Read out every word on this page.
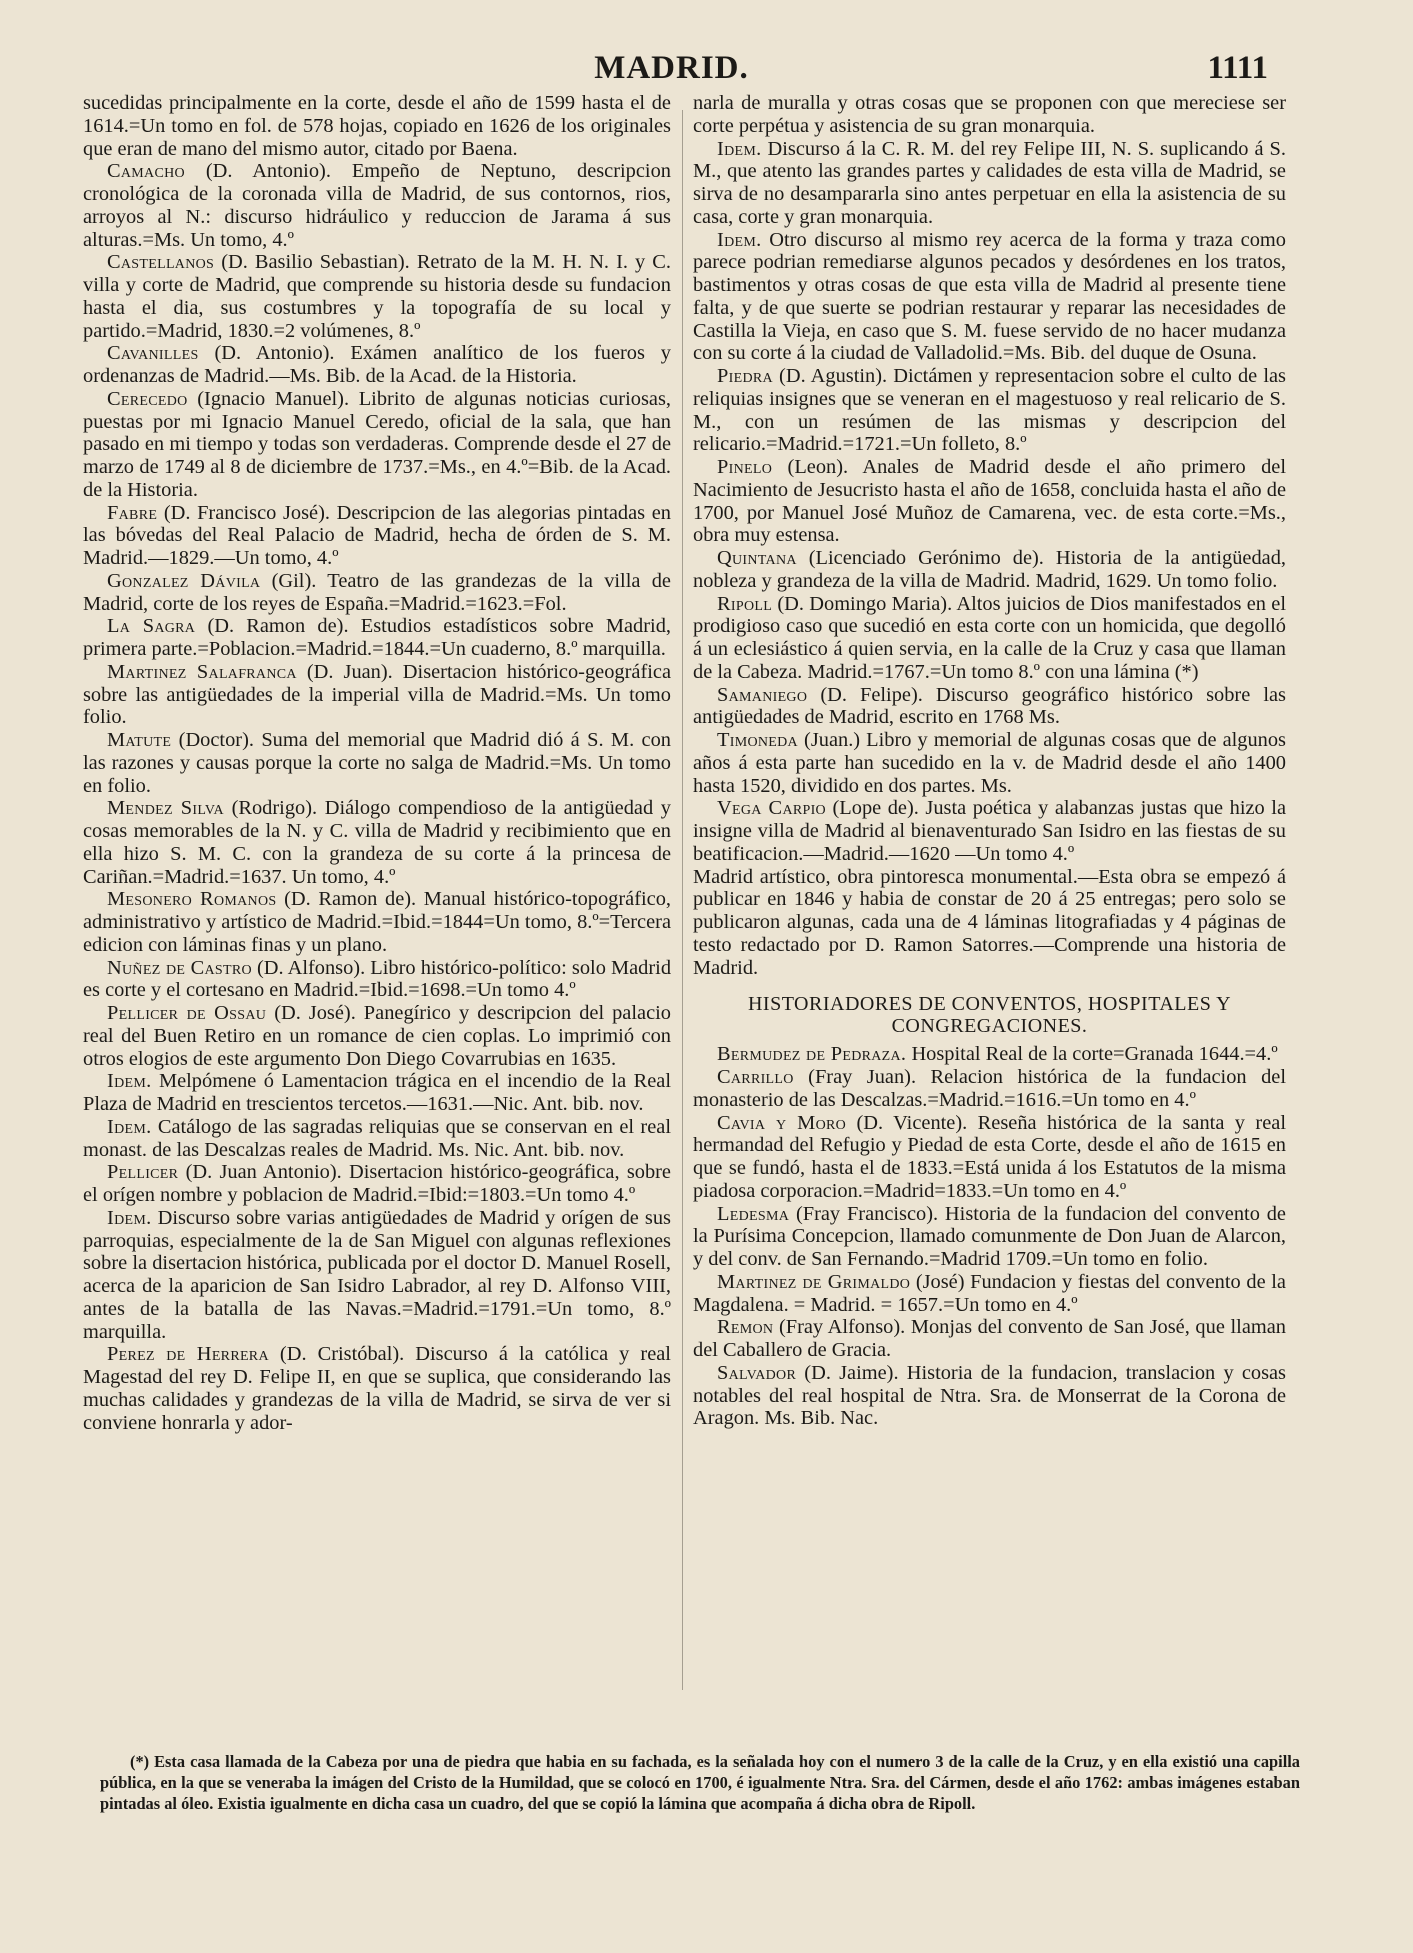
MADRID.	1111

sucedidas principalmente en la corte, desde el año de 1599 hasta el de 1614.=Un tomo en fol. de 578 hojas, copiado en 1626 de los originales que eran de mano del mismo autor, citado por Baena.

Camacho (D. Antonio). Empeño de Neptuno, descripcion cronológica de la coronada villa de Madrid, de sus contornos, rios, arroyos al N.: discurso hidráulico y reduccion de Jarama á sus alturas.=Ms. Un tomo, 4.º

Castellanos (D. Basilio Sebastian). Retrato de la M. H. N. I. y C. villa y corte de Madrid, que comprende su historia desde su fundacion hasta el dia, sus costumbres y la topografía de su local y partido.=Madrid, 1830.=2 volúmenes, 8.º

Cavanilles (D. Antonio). Exámen analítico de los fueros y ordenanzas de Madrid.—Ms. Bib. de la Acad. de la Historia.

Cerecedo (Ignacio Manuel). Librito de algunas noticias curiosas, puestas por mi Ignacio Manuel Ceredo, oficial de la sala, que han pasado en mi tiempo y todas son verdaderas. Comprende desde el 27 de marzo de 1749 al 8 de diciembre de 1737.=Ms., en 4.º=Bib. de la Acad. de la Historia.

Fabre (D. Francisco José). Descripcion de las alegorias pintadas en las bóvedas del Real Palacio de Madrid, hecha de órden de S. M. Madrid.—1829.—Un tomo, 4.º

Gonzalez Dávila (Gil). Teatro de las grandezas de la villa de Madrid, corte de los reyes de España.=Madrid.=1623.=Fol.

La Sagra (D. Ramon de). Estudios estadísticos sobre Madrid, primera parte.=Poblacion.=Madrid.=1844.=Un cuaderno, 8.º marquilla.

Martinez Salafranca (D. Juan). Disertacion histórico-geográfica sobre las antigüedades de la imperial villa de Madrid.=Ms. Un tomo folio.

Matute (Doctor). Suma del memorial que Madrid dió á S. M. con las razones y causas porque la corte no salga de Madrid.=Ms. Un tomo en folio.

Mendez Silva (Rodrigo). Diálogo compendioso de la antigüedad y cosas memorables de la N. y C. villa de Madrid y recibimiento que en ella hizo S. M. C. con la grandeza de su corte á la princesa de Cariñan.=Madrid.=1637. Un tomo, 4.º

Mesonero Romanos (D. Ramon de). Manual histórico-topográfico, administrativo y artístico de Madrid.=Ibid.=1844=Un tomo, 8.º=Tercera edicion con láminas finas y un plano.

Nuñez de Castro (D. Alfonso). Libro histórico-político: solo Madrid es corte y el cortesano en Madrid.=Ibid.=1698.=Un tomo 4.º

Pellicer de Ossau (D. José). Panegírico y descripcion del palacio real del Buen Retiro en un romance de cien coplas. Lo imprimió con otros elogios de este argumento Don Diego Covarrubias en 1635.

Idem. Melpómene ó Lamentacion trágica en el incendio de la Real Plaza de Madrid en trescientos tercetos.—1631.—Nic. Ant. bib. nov.

Idem. Catálogo de las sagradas reliquias que se conservan en el real monast. de las Descalzas reales de Madrid. Ms. Nic. Ant. bib. nov.

Pellicer (D. Juan Antonio). Disertacion histórico-geográfica, sobre el orígen nombre y poblacion de Madrid.=Ibid:=1803.=Un tomo 4.º

Idem. Discurso sobre varias antigüedades de Madrid y orígen de sus parroquias, especialmente de la de San Miguel con algunas reflexiones sobre la disertacion histórica, publicada por el doctor D. Manuel Rosell, acerca de la aparicion de San Isidro Labrador, al rey D. Alfonso VIII, antes de la batalla de las Navas.=Madrid.=1791.=Un tomo, 8.º marquilla.

Perez de Herrera (D. Cristóbal). Discurso á la católica y real Magestad del rey D. Felipe II, en que se suplica, que considerando las muchas calidades y grandezas de la villa de Madrid, se sirva de ver si conviene honrarla y ador-

narla de muralla y otras cosas que se proponen con que mereciese ser corte perpétua y asistencia de su gran monarquia.

Idem. Discurso á la C. R. M. del rey Felipe III, N. S. suplicando á S. M., que atento las grandes partes y calidades de esta villa de Madrid, se sirva de no desampararla sino antes perpetuar en ella la asistencia de su casa, corte y gran monarquia.

Idem. Otro discurso al mismo rey acerca de la forma y traza como parece podrian remediarse algunos pecados y desórdenes en los tratos, bastimentos y otras cosas de que esta villa de Madrid al presente tiene falta, y de que suerte se podrian restaurar y reparar las necesidades de Castilla la Vieja, en caso que S. M. fuese servido de no hacer mudanza con su corte á la ciudad de Valladolid.=Ms. Bib. del duque de Osuna.

Piedra (D. Agustin). Dictámen y representacion sobre el culto de las reliquias insignes que se veneran en el magestuoso y real relicario de S. M., con un resúmen de las mismas y descripcion del relicario.=Madrid.=1721.=Un folleto, 8.º

Pinelo (Leon). Anales de Madrid desde el año primero del Nacimiento de Jesucristo hasta el año de 1658, concluida hasta el año de 1700, por Manuel José Muñoz de Camarena, vec. de esta corte.=Ms., obra muy estensa.

Quintana (Licenciado Gerónimo de). Historia de la antigüedad, nobleza y grandeza de la villa de Madrid. Madrid, 1629. Un tomo folio.

Ripoll (D. Domingo Maria). Altos juicios de Dios manifestados en el prodigioso caso que sucedió en esta corte con un homicida, que degolló á un eclesiástico á quien servia, en la calle de la Cruz y casa que llaman de la Cabeza. Madrid.=1767.=Un tomo 8.º con una lámina (*)

Samaniego (D. Felipe). Discurso geográfico histórico sobre las antigüedades de Madrid, escrito en 1768 Ms.

Timoneda (Juan.) Libro y memorial de algunas cosas que de algunos años á esta parte han sucedido en la v. de Madrid desde el año 1400 hasta 1520, dividido en dos partes. Ms.

Vega Carpio (Lope de). Justa poética y alabanzas justas que hizo la insigne villa de Madrid al bienaventurado San Isidro en las fiestas de su beatificacion.—Madrid.—1620 —Un tomo 4.º

Madrid artístico, obra pintoresca monumental.—Esta obra se empezó á publicar en 1846 y habia de constar de 20 á 25 entregas; pero solo se publicaron algunas, cada una de 4 láminas litografiadas y 4 páginas de testo redactado por D. Ramon Satorres.—Comprende una historia de Madrid.

HISTORIADORES DE CONVENTOS, HOSPITALES Y CONGREGACIONES.

Bermudez de Pedraza. Hospital Real de la corte=Granada 1644.=4.º

Carrillo (Fray Juan). Relacion histórica de la fundacion del monasterio de las Descalzas.=Madrid.=1616.=Un tomo en 4.º

Cavia y Moro (D. Vicente). Reseña histórica de la santa y real hermandad del Refugio y Piedad de esta Corte, desde el año de 1615 en que se fundó, hasta el de 1833.=Está unida á los Estatutos de la misma piadosa corporacion.=Madrid=1833.=Un tomo en 4.º

Ledesma (Fray Francisco). Historia de la fundacion del convento de la Purísima Concepcion, llamado comunmente de Don Juan de Alarcon, y del conv. de San Fernando.=Madrid 1709.=Un tomo en folio.

Martinez de Grimaldo (José) Fundacion y fiestas del convento de la Magdalena. = Madrid. = 1657.=Un tomo en 4.º

Remon (Fray Alfonso). Monjas del convento de San José, que llaman del Caballero de Gracia.

Salvador (D. Jaime). Historia de la fundacion, translacion y cosas notables del real hospital de Ntra. Sra. de Monserrat de la Corona de Aragon. Ms. Bib. Nac.

(*) Esta casa llamada de la Cabeza por una de piedra que habia en su fachada, es la señalada hoy con el numero 3 de la calle de la Cruz, y en ella existió una capilla pública, en la que se veneraba la imágen del Cristo de la Humildad, que se colocó en 1700, é igualmente Ntra. Sra. del Cármen, desde el año 1762: ambas imágenes estaban pintadas al óleo. Existia igualmente en dicha casa un cuadro, del que se copió la lámina que acompaña á dicha obra de Ripoll.
